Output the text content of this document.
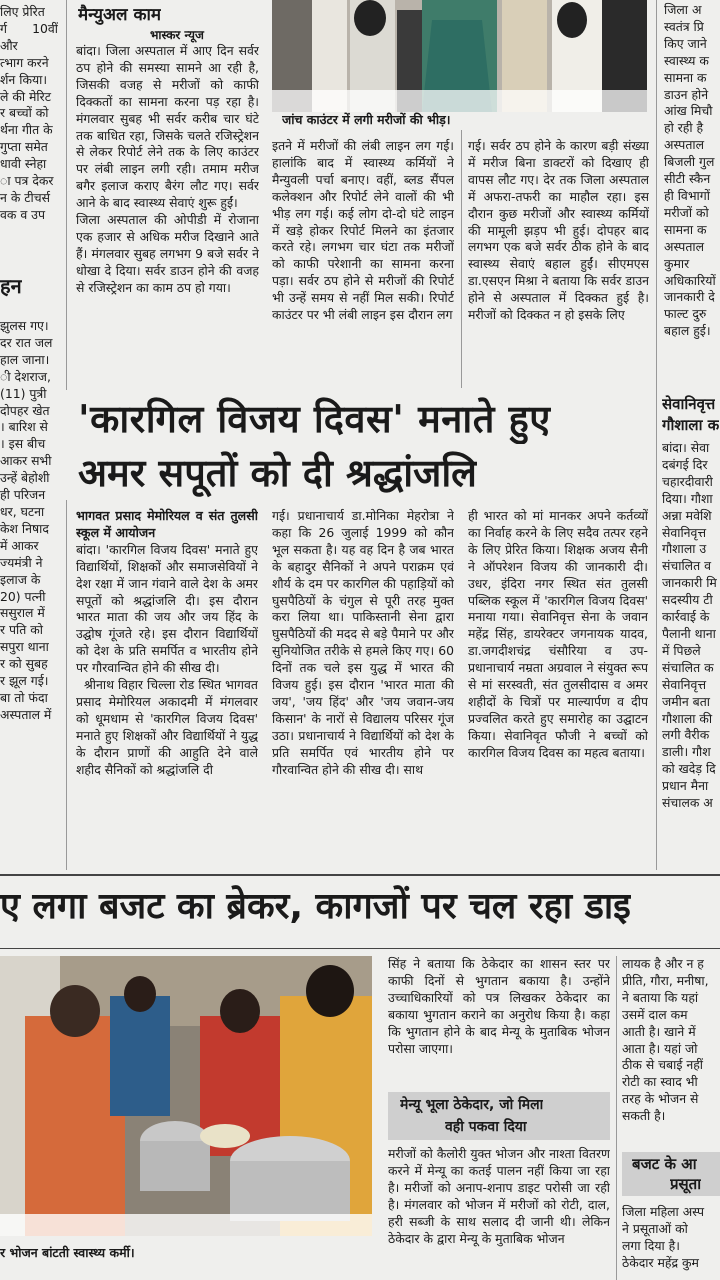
लिए प्रेरित

र्ग 10वीं और

त्भाग करने

र्शन किया।

ले की मेरिट

र बच्चों को

र्थना गीत के

गुप्ता समेत

धावी स्नेहा

ा पत्र देकर

न के टीचर्स

वक व उप

हन

झुलस गए।

दर रात जल

हाल जाना।

ी देशराज,

(11) पुत्री

दोपहर खेत

। बारिश से

। इस बीच

आकर सभी

उन्हें बेहोशी

ही परिजन

धर, घटना

केश निषाद

में आकर

ज्यमंत्री ने

इलाज के

20) पत्नी

ससुराल में

र पति को

सपुरा थाना

र को सुबह

र झूल गई।

बा तो फंदा

अस्पताल में

मैन्युअल काम
भास्कर न्यूज

बांदा। जिला अस्पताल में आए दिन सर्वर ठप होने की समस्या सामने आ रही है, जिसकी वजह से मरीजों को काफी दिक्कतों का सामना करना पड़ रहा है। मंगलवार सुबह भी सर्वर करीब चार घंटे तक बाधित रहा, जिसके चलते रजिस्ट्रेशन से लेकर रिपोर्ट लेने तक के लिए काउंटर पर लंबी लाइन लगी रही। तमाम मरीज बगैर इलाज कराए बैरंग लौट गए। सर्वर आने के बाद स्वास्थ्य सेवाएं शुरू हुईं।

जिला अस्पताल की ओपीडी में रोजाना एक हजार से अधिक मरीज दिखाने आते हैं। मंगलवार सुबह लगभग 9 बजे सर्वर ने धोखा दे दिया। सर्वर डाउन होने की वजह से रजिस्ट्रेशन का काम ठप हो गया।

जांच काउंटर में लगी मरीजों की भीड़।

इतने में मरीजों की लंबी लाइन लग गई। हालांकि बाद में स्वास्थ्य कर्मियों ने मैन्युवली पर्चा बनाए। वहीं, ब्लड सैंपल कलेक्शन और रिपोर्ट लेने वालों की भी भीड़ लग गई। कई लोग दो-दो घंटे लाइन में खड़े होकर रिपोर्ट मिलने का इंतजार करते रहे। लगभग चार घंटा तक मरीजों को काफी परेशानी का सामना करना पड़ा। सर्वर ठप होने से मरीजों की रिपोर्ट भी उन्हें समय से नहीं मिल सकी। रिपोर्ट काउंटर पर भी लंबी लाइन इस दौरान लग

गई। सर्वर ठप होने के कारण बड़ी संख्या में मरीज बिना डाक्टरों को दिखाए ही वापस लौट गए। देर तक जिला अस्पताल में अफरा-तफरी का माहौल रहा। इस दौरान कुछ मरीजों और स्वास्थ्य कर्मियों की मामूली झड़प भी हुई। दोपहर बाद लगभग एक बजे सर्वर ठीक होने के बाद स्वास्थ्य सेवाएं बहाल हुईं। सीएमएस डा.एसएन मिश्रा ने बताया कि सर्वर डाउन होने से अस्पताल में दिक्कत हुई है। मरीजों को दिक्कत न हो इसके लिए

जिला अ

स्वतंत्र प्रि

किए जाने

स्वास्थ्य क

सामना क

डाउन होने

आंख मिचौ

हो रही है

अस्पताल

बिजली गुल

सीटी स्कैन

ही विभागों

मरीजों को

सामना क

अस्पताल

कुमार

अधिकारियों

जानकारी दे

फाल्ट दुरु

बहाल हुई।

'कारगिल विजय दिवस' मनाते हुए
अमर सपूतों को दी श्रद्धांजलि

भागवत प्रसाद मेमोरियल व संत तुलसी स्कूल में आयोजन

बांदा। 'कारगिल विजय दिवस' मनाते हुए विद्यार्थियों, शिक्षकों और समाजसेवियों ने देश रक्षा में जान गंवाने वाले देश के अमर सपूतों को श्रद्धांजलि दी। इस दौरान भारत माता की जय और जय हिंद के उद्घोष गूंजते रहे। इस दौरान विद्यार्थियों को देश के प्रति समर्पित व भारतीय होने पर गौरवान्वित होने की सीख दी।

श्रीनाथ विहार चिल्ला रोड स्थित भागवत प्रसाद मेमोरियल अकादमी में मंगलवार को धूमधाम से 'कारगिल विजय दिवस' मनाते हुए शिक्षकों और विद्यार्थियों ने युद्ध के दौरान प्राणों की आहुति देने वाले शहीद सैनिकों को श्रद्धांजलि दी

गई। प्रधानाचार्य डा.मोनिका मेहरोत्रा ने कहा कि 26 जुलाई 1999 को कौन भूल सकता है। यह वह दिन है जब भारत के बहादुर सैनिकों ने अपने पराक्रम एवं शौर्य के दम पर कारगिल की पहाड़ियों को घुसपैठियों के चंगुल से पूरी तरह मुक्त करा लिया था। पाकिस्तानी सेना द्वारा घुसपैठियों की मदद से बड़े पैमाने पर और सुनियोजित तरीके से हमले किए गए। 60 दिनों तक चले इस युद्ध में भारत की विजय हुई। इस दौरान 'भारत माता की जय', 'जय हिंद' और 'जय जवान-जय किसान' के नारों से विद्यालय परिसर गूंज उठा। प्रधानाचार्य ने विद्यार्थियों को देश के प्रति समर्पित एवं भारतीय होने पर गौरवान्वित होने की सीख दी। साथ

ही भारत को मां मानकर अपने कर्तव्यों का निर्वाह करने के लिए सदैव तत्पर रहने के लिए प्रेरित किया। शिक्षक अजय सैनी ने ऑपरेशन विजय की जानकारी दी। उधर, इंदिरा नगर स्थित संत तुलसी पब्लिक स्कूल में 'कारगिल विजय दिवस' मनाया गया। सेवानिवृत्त सेना के जवान महेंद्र सिंह, डायरेक्टर जगनायक यादव, डा.जगदीशचंद्र चंसौरिया व उप-प्रधानाचार्य नम्रता अग्रवाल ने संयुक्त रूप से मां सरस्वती, संत तुलसीदास व अमर शहीदों के चित्रों पर माल्यार्पण व दीप प्रज्वलित करते हुए समारोह का उद्घाटन किया। सेवानिवृत फौजी ने बच्चों को कारगिल विजय दिवस का महत्व बताया।

सेवानिवृत्त
गौशाला क

बांदा। सेवा

दबंगई दिर

चहारदीवारी

दिया। गौशा

अन्ना मवेशि

सेवानिवृत्त

गौशाला उ

संचालित व

जानकारी मि

सदस्यीय टी

कार्रवाई के

पैलानी थाना

में पिछले

संचालित क

सेवानिवृत्त

जमीन बता

गौशाला की

लगी वैरीक

डाली। गौश

को खदेड़ दि

प्रधान मैना

संचालक अ

ए लगा बजट का ब्रेकर, कागजों पर चल रहा डाइ
र भोजन बांटती स्वास्थ्य कर्मी।

सिंह ने बताया कि ठेकेदार का शासन स्तर पर काफी दिनों से भुगतान बकाया है। उन्होंने उच्चाधिकारियों को पत्र लिखकर ठेकेदार का बकाया भुगतान कराने का अनुरोध किया है। कहा कि भुगतान होने के बाद मेन्यू के मुताबिक भोजन परोसा जाएगा।

मेन्यू भूला ठेकेदार, जो मिला
वही पकवा दिया

मरीजों को कैलोरी युक्त भोजन और नाश्ता वितरण करने में मेन्यू का कतई पालन नहीं किया जा रहा है। मरीजों को अनाप-शनाप डाइट परोसी जा रही है। मंगलवार को भोजन में मरीजों को रोटी, दाल, हरी सब्जी के साथ सलाद दी जानी थी। लेकिन ठेकेदार के द्वारा मेन्यू के मुताबिक भोजन

लायक है और न ह

प्रीति, गौरा, मनीषा,

ने बताया कि यहां

उसमें दाल कम

आती है। खाने में

आता है। यहां जो

ठीक से चबाई नहीं

रोटी का स्वाद भी

तरह के भोजन से

सकती है।

बजट के आ
प्रसूता

जिला महिला अस्प

ने प्रसूताओं को

लगा दिया है।

ठेकेदार महेंद्र कुम
